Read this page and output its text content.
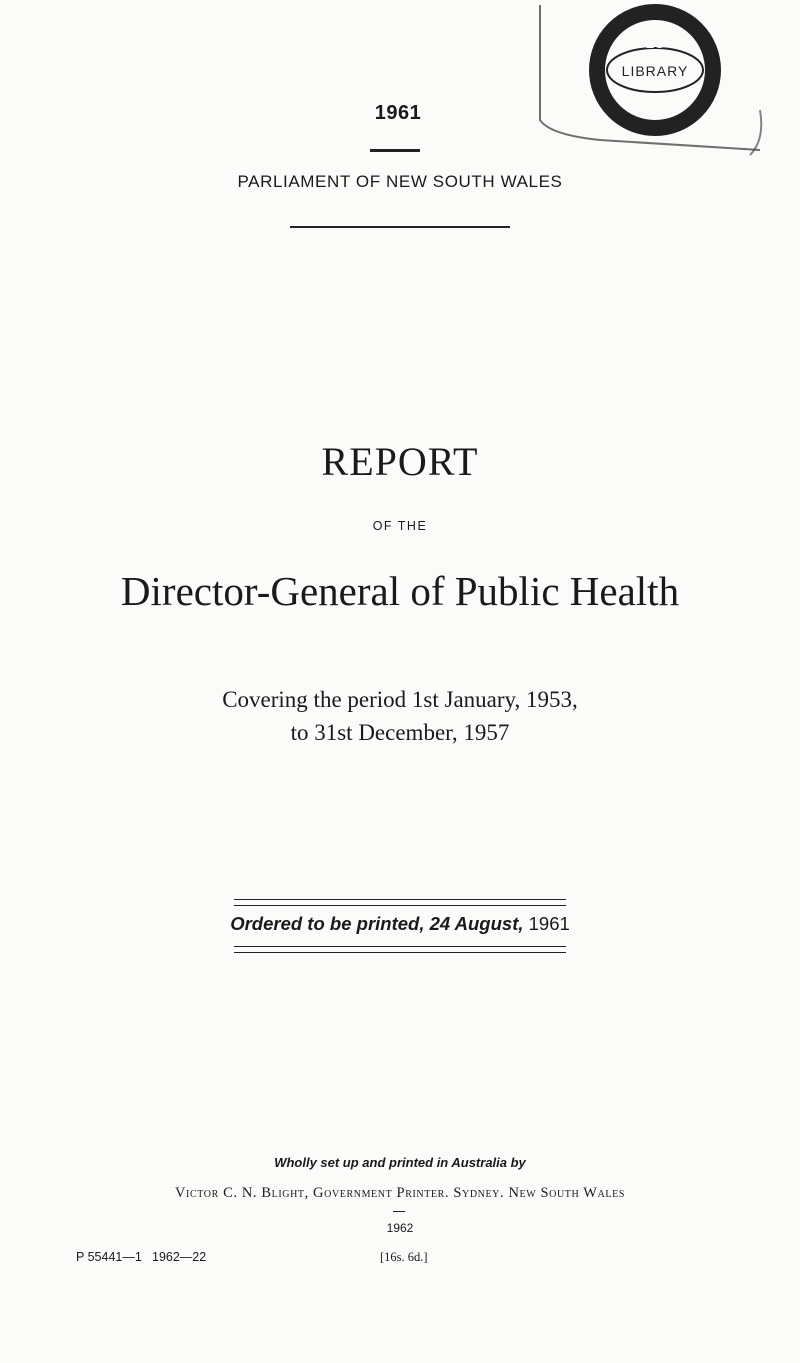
LC
LIBRARY
NSW
1961
PARLIAMENT OF NEW SOUTH WALES
REPORT
OF THE
Director-General of Public Health
Covering the period 1st January, 1953,
to 31st December, 1957
Ordered to be printed, 24 August, 1961
Wholly set up and printed in Australia by
Victor C. N. Blight, Government Printer. Sydney. New South Wales
1962
P 55441—1 1962—22	[16s. 6d.]
